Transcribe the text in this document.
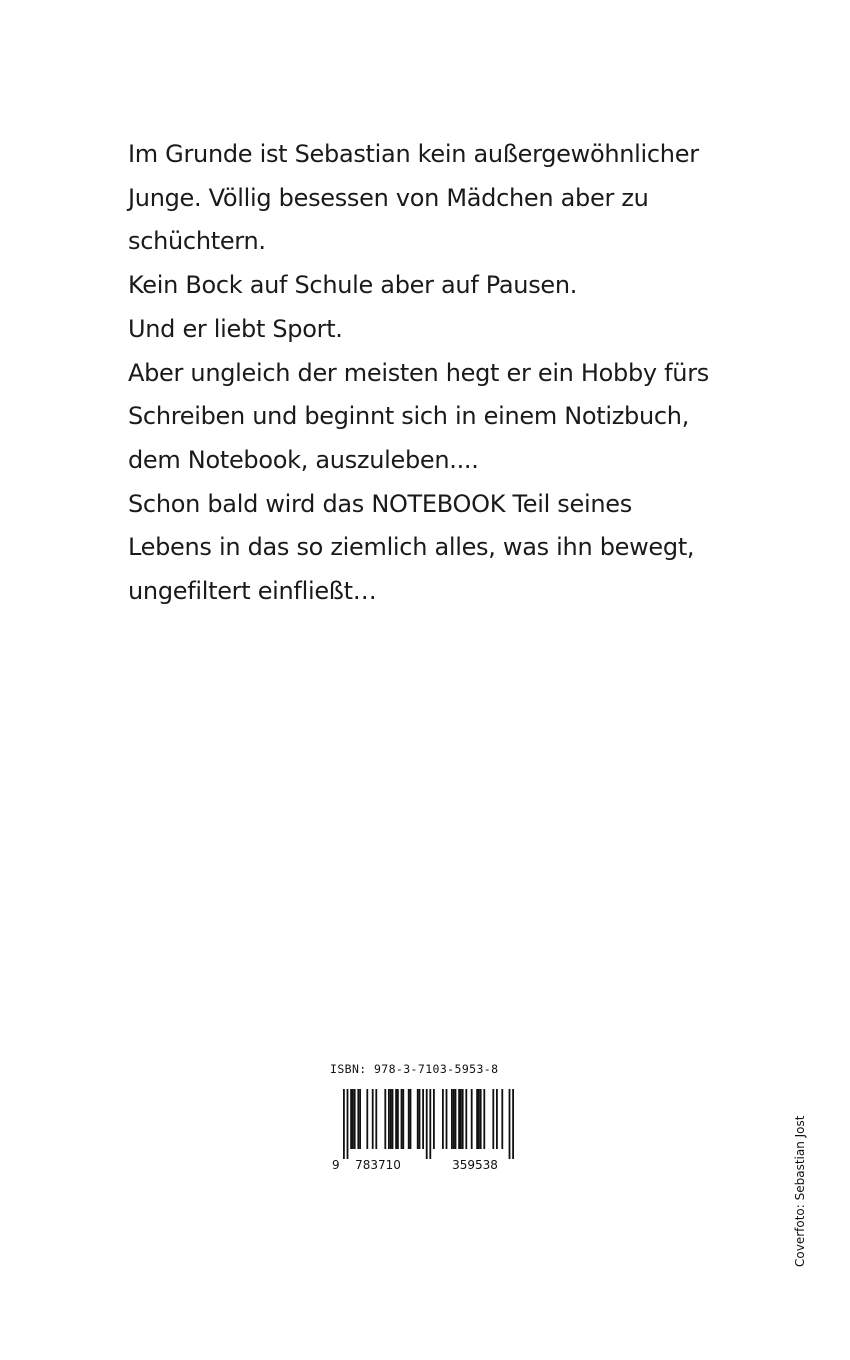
Im Grunde ist Sebastian kein außergewöhnlicher
Junge. Völlig besessen von Mädchen aber zu
schüchtern.
Kein Bock auf Schule aber auf Pausen.
Und er liebt Sport.
Aber ungleich der meisten hegt er ein Hobby fürs
Schreiben und beginnt sich in einem Notizbuch,
dem Notebook, auszuleben....
Schon bald wird das NOTEBOOK Teil seines
Lebens in das so ziemlich alles, was ihn bewegt,
ungefiltert einfließt…
ISBN: 978-3-7103-5953-8
9 783710	359538	Coverfoto: Sebastian Jost
